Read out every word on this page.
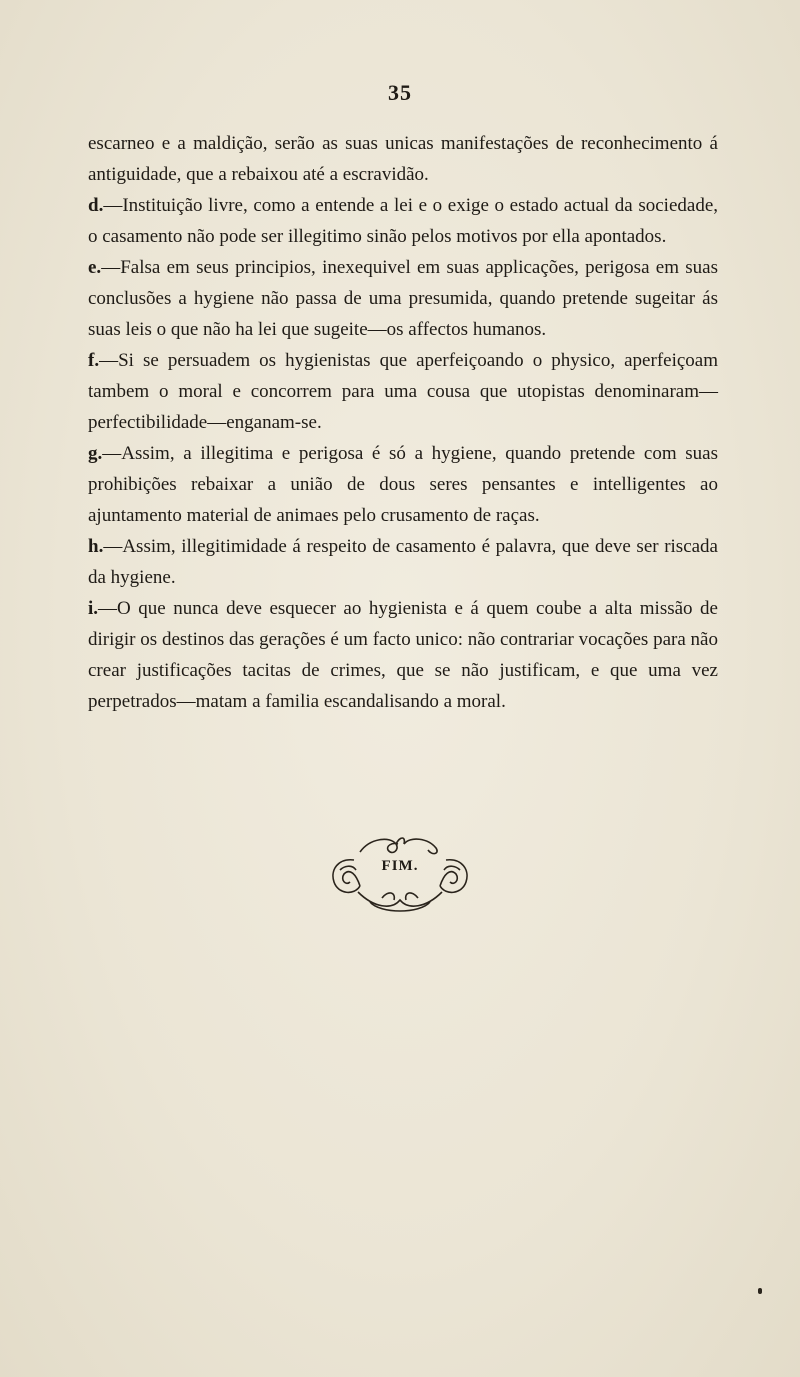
35

escarneo e a maldição, serão as suas unicas manifestações de reconhecimento á antiguidade, que a rebaixou até a escravidão.

d.—Instituição livre, como a entende a lei e o exige o estado actual da sociedade, o casamento não pode ser illegitimo sinão pelos motivos por ella apontados.

e.—Falsa em seus principios, inexequivel em suas applicações, perigosa em suas conclusões a hygiene não passa de uma presumida, quando pretende sugeitar ás suas leis o que não ha lei que sugeite—os affectos humanos.

f.—Si se persuadem os hygienistas que aperfeiçoando o physico, aperfeiçoam tambem o moral e concorrem para uma cousa que utopistas denominaram—perfectibilidade—enganam-se.

g.—Assim, a illegitima e perigosa é só a hygiene, quando pretende com suas prohibições rebaixar a união de dous seres pensantes e intelligentes ao ajuntamento material de animaes pelo crusamento de raças.

h.—Assim, illegitimidade á respeito de casamento é palavra, que deve ser riscada da hygiene.

i.—O que nunca deve esquecer ao hygienista e á quem coube a alta missão de dirigir os destinos das gerações é um facto unico: não contrariar vocações para não crear justificações tacitas de crimes, que se não justificam, e que uma vez perpetrados—matam a familia escandalisando a moral.

FIM.
